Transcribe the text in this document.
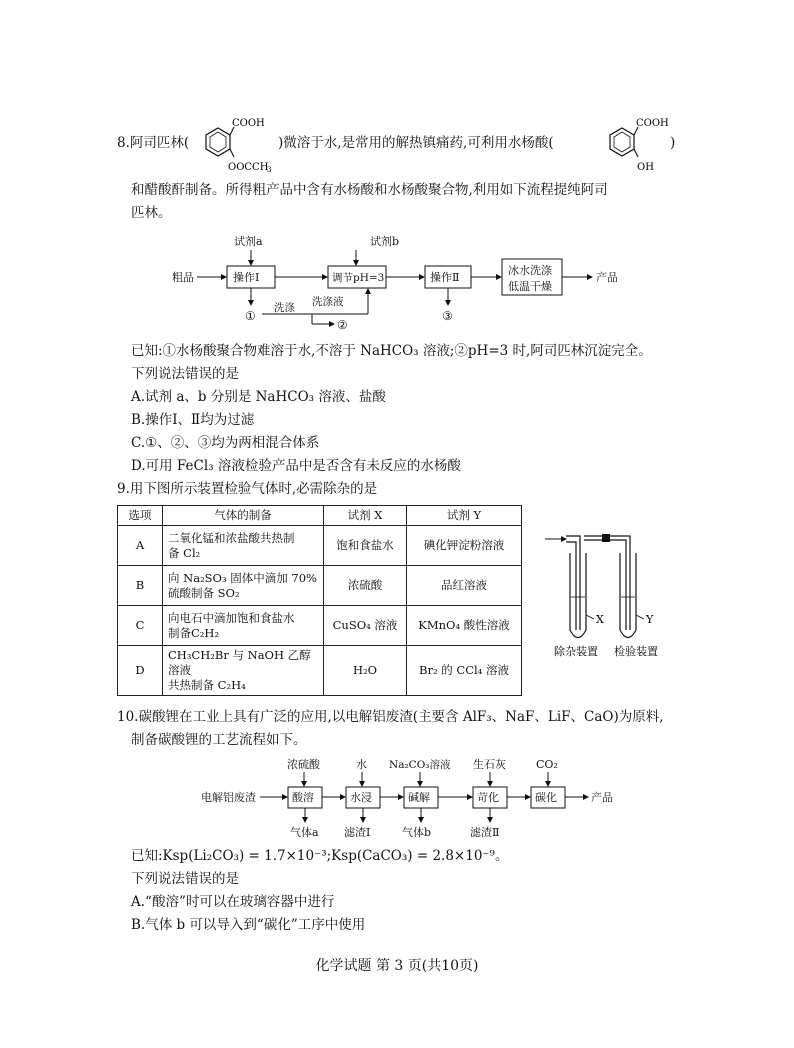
8.阿司匹林(
COOH
OOCCH
3
)微溶于水,是常用的解热镇痛药,可利用水杨酸(
COOH
OH
)
和醋酸酐制备。所得粗产品中含有水杨酸和水杨酸聚合物,利用如下流程提纯阿司
匹林。
粗品	操作Ⅰ
试剂a
调节pH=3
试剂b
操作Ⅱ
冰水洗涤
低温干燥
产品
①
洗涤
②
洗涤液
③
已知:①水杨酸聚合物难溶于水,不溶于 NaHCO₃ 溶液;②pH=3 时,阿司匹林沉淀完全。
下列说法错误的是
A.试剂 a、b 分别是 NaHCO₃ 溶液、盐酸
B.操作Ⅰ、Ⅱ均为过滤
C.①、②、③均为两相混合体系
D.可用 FeCl₃ 溶液检验产品中是否含有未反应的水杨酸
9.用下图所示装置检验气体时,必需除杂的是
选项	气体的制备	试剂 X	试剂 Y
A	二氧化锰和浓盐酸共热制
备 Cl₂	饱和食盐水	碘化钾淀粉溶液
B	向 Na₂SO₃ 固体中滴加 70%
硫酸制备 SO₂	浓硫酸	品红溶液
C	向电石中滴加饱和食盐水
制备C₂H₂	CuSO₄ 溶液	KMnO₄ 酸性溶液
D	CH₃CH₂Br 与 NaOH 乙醇溶液
共热制备 C₂H₄	H₂O	Br₂ 的 CCl₄ 溶液
X	Y
除杂装置 检验装置
10.碳酸锂在工业上具有广泛的应用,以电解铝废渣(主要含 AlF₃、NaF、LiF、CaO)为原料,
制备碳酸锂的工艺流程如下。
浓硫酸	水 Na₂CO₃溶液 生石灰	CO₂
电解铝废渣	酸溶	水浸	碱解	苛化	碳化	产品
气体a 滤渣Ⅰ	气体b	滤渣Ⅱ
已知:Ksp(Li₂CO₃) = 1.7×10⁻³;Ksp(CaCO₃) = 2.8×10⁻⁹。
下列说法错误的是
A.“酸溶”时可以在玻璃容器中进行
B.气体 b 可以导入到“碳化”工序中使用
化学试题 第 3 页(共10页)
